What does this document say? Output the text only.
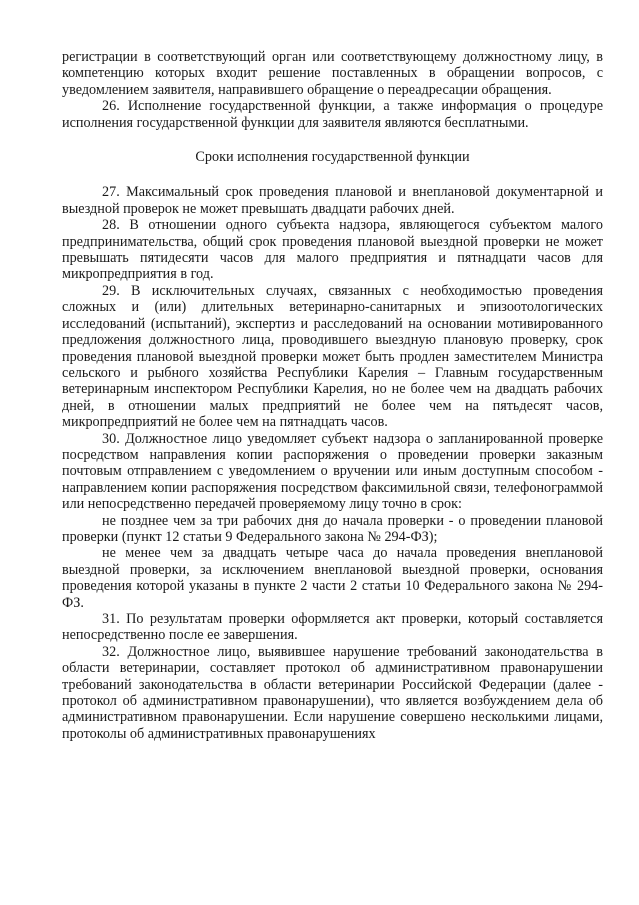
регистрации в соответствующий орган или соответствующему должностному лицу, в компетенцию которых входит решение поставленных в обращении вопросов, с уведомлением заявителя, направившего обращение о переадресации обращения.

26. Исполнение государственной функции, а также информация о процедуре исполнения государственной функции для заявителя являются бесплатными.

Сроки исполнения государственной функции

27. Максимальный срок проведения плановой и внеплановой документарной и выездной проверок не может превышать двадцати рабочих дней.

28. В отношении одного субъекта надзора, являющегося субъектом малого предпринимательства, общий срок проведения плановой выездной проверки не может превышать пятидесяти часов для малого предприятия и пятнадцати часов для микропредприятия в год.

29. В исключительных случаях, связанных с необходимостью проведения сложных и (или) длительных ветеринарно-санитарных и эпизоотологических исследований (испытаний), экспертиз и расследований на основании мотивированного предложения должностного лица, проводившего выездную плановую проверку, срок проведения плановой выездной проверки может быть продлен заместителем Министра сельского и рыбного хозяйства Республики Карелия – Главным государственным ветеринарным инспектором Республики Карелия, но не более чем на двадцать рабочих дней, в отношении малых предприятий не более чем на пятьдесят часов, микропредприятий не более чем на пятнадцать часов.

30. Должностное лицо уведомляет субъект надзора о запланированной проверке посредством направления копии распоряжения о проведении проверки заказным почтовым отправлением с уведомлением о вручении или иным доступным способом - направлением копии распоряжения посредством факсимильной связи, телефонограммой или непосредственно передачей проверяемому лицу точно в срок:

не позднее чем за три рабочих дня до начала проверки - о проведении плановой проверки (пункт 12 статьи 9 Федерального закона № 294-ФЗ);

не менее чем за двадцать четыре часа до начала проведения внеплановой выездной проверки, за исключением внеплановой выездной проверки, основания проведения которой указаны в пункте 2 части 2 статьи 10 Федерального закона № 294-ФЗ.

31. По результатам проверки оформляется акт проверки, который составляется непосредственно после ее завершения.

32. Должностное лицо, выявившее нарушение требований законодательства в области ветеринарии, составляет протокол об административном правонарушении требований законодательства в области ветеринарии Российской Федерации (далее - протокол об административном правонарушении), что является возбуждением дела об административном правонарушении. Если нарушение совершено несколькими лицами, протоколы об административных правонарушениях
